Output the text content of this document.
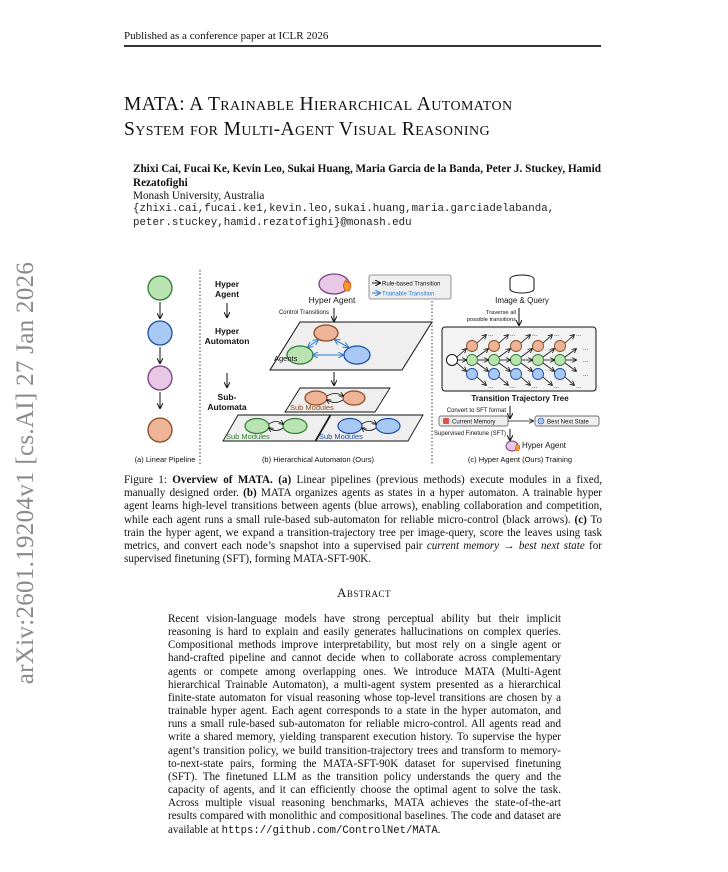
arXiv:2601.19204v1 [cs.AI] 27 Jan 2026
Published as a conference paper at ICLR 2026
MATA: A Trainable Hierarchical Automaton
System for Multi-Agent Visual Reasoning
Zhixi Cai, Fucai Ke, Kevin Leo, Sukai Huang, Maria Garcia de la Banda, Peter J. Stuckey, Hamid Rezatofighi
Monash University, Australia
{zhixi.cai,fucai.ke1,kevin.leo,sukai.huang,maria.garciadelabanda, peter.stuckey,hamid.rezatofighi}@monash.edu
Hyper
Agent
Hyper
Automaton
Sub-
Automata
Hyper Agent
Control Transitions
Rule-based Transition
Trainable Transition
Agents
Sub Modules
Sub Modules	Sub Modules
Image & Query
Traverse all
possible transitions
...	...	...	...	...
...
...
...
...	...	...	...	...
Transition Trajectory Tree
Convert to SFT format
Current Memory	Best Next State
Supervised Finetune (SFT)
Hyper Agent
(a) Linear Pipeline	(b) Hierarchical Automaton (Ours)	(c) Hyper Agent (Ours) Training
Figure 1: Overview of MATA. (a) Linear pipelines (previous methods) execute modules in a fixed, manually designed order. (b) MATA organizes agents as states in a hyper automaton. A trainable hyper agent learns high-level transitions between agents (blue arrows), enabling collaboration and competition, while each agent runs a small rule-based sub-automaton for reliable micro-control (black arrows). (c) To train the hyper agent, we expand a transition-trajectory tree per image-query, score the leaves using task metrics, and convert each node’s snapshot into a supervised pair current memory → best next state for supervised finetuning (SFT), forming MATA-SFT-90K.
Abstract
Recent vision-language models have strong perceptual ability but their implicit reasoning is hard to explain and easily generates hallucinations on complex queries. Compositional methods improve interpretability, but most rely on a single agent or hand-crafted pipeline and cannot decide when to collaborate across complementary agents or compete among overlapping ones. We introduce MATA (Multi-Agent hierarchical Trainable Automaton), a multi-agent system presented as a hierarchical finite-state automaton for visual reasoning whose top-level transitions are chosen by a trainable hyper agent. Each agent corresponds to a state in the hyper automaton, and runs a small rule-based sub-automaton for reliable micro-control. All agents read and write a shared memory, yielding transparent execution history. To supervise the hyper agent’s transition policy, we build transition-trajectory trees and transform to memory-to-next-state pairs, forming the MATA-SFT-90K dataset for supervised finetuning (SFT). The finetuned LLM as the transition policy understands the query and the capacity of agents, and it can efficiently choose the optimal agent to solve the task. Across multiple visual reasoning benchmarks, MATA achieves the state-of-the-art results compared with monolithic and compositional baselines. The code and dataset are available at https://github.com/ControlNet/MATA.
